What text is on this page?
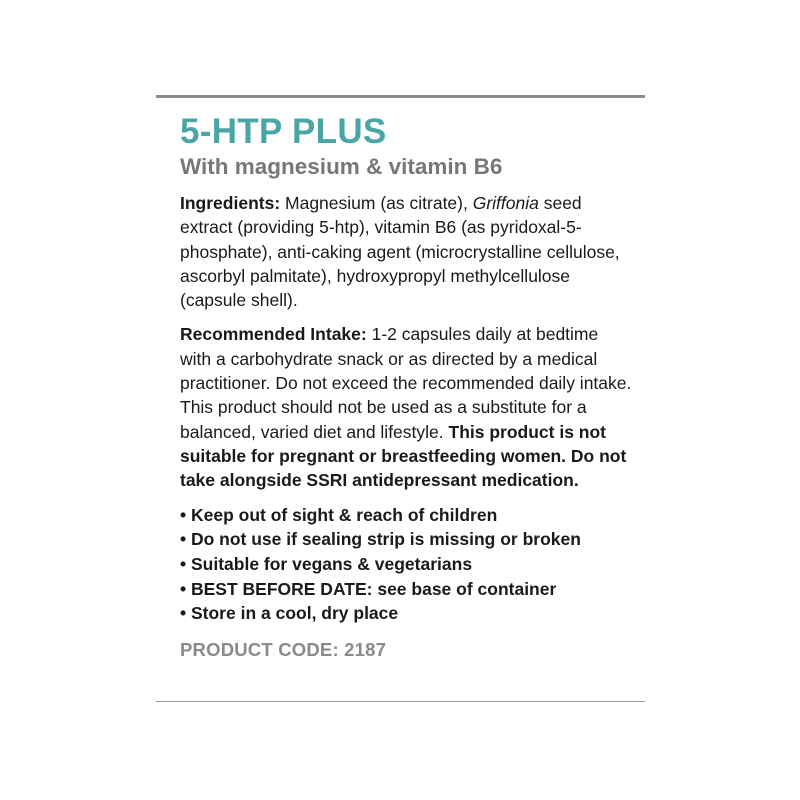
5-HTP PLUS
With magnesium & vitamin B6

Ingredients: Magnesium (as citrate), Griffonia seed extract (providing 5-htp), vitamin B6 (as pyridoxal-5-phosphate), anti-caking agent (microcrystalline cellulose, ascorbyl palmitate), hydroxypropyl methylcellulose (capsule shell).

Recommended Intake: 1-2 capsules daily at bedtime with a carbohydrate snack or as directed by a medical practitioner. Do not exceed the recommended daily intake. This product should not be used as a substitute for a balanced, varied diet and lifestyle. This product is not suitable for pregnant or breastfeeding women. Do not take alongside SSRI antidepressant medication.

• Keep out of sight & reach of children
• Do not use if sealing strip is missing or broken
• Suitable for vegans & vegetarians
• BEST BEFORE DATE: see base of container
• Store in a cool, dry place

PRODUCT CODE: 2187
